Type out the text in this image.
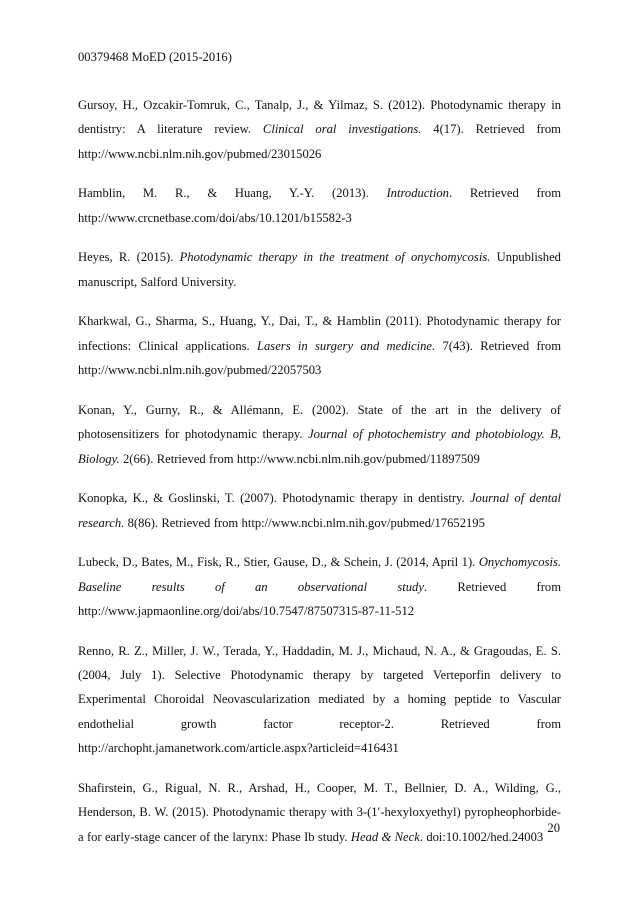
00379468 MoED (2015-2016)

Gursoy, H., Ozcakir-Tomruk, C., Tanalp, J., & Yilmaz, S. (2012). Photodynamic therapy in dentistry: A literature review. Clinical oral investigations. 4(17). Retrieved from http://www.ncbi.nlm.nih.gov/pubmed/23015026

Hamblin, M. R., & Huang, Y.-Y. (2013). Introduction. Retrieved from http://www.crcnetbase.com/doi/abs/10.1201/b15582-3

Heyes, R. (2015). Photodynamic therapy in the treatment of onychomycosis. Unpublished manuscript, Salford University.

Kharkwal, G., Sharma, S., Huang, Y., Dai, T., & Hamblin (2011). Photodynamic therapy for infections: Clinical applications. Lasers in surgery and medicine. 7(43). Retrieved from http://www.ncbi.nlm.nih.gov/pubmed/22057503

Konan, Y., Gurny, R., & Allémann, E. (2002). State of the art in the delivery of photosensitizers for photodynamic therapy. Journal of photochemistry and photobiology. B, Biology. 2(66). Retrieved from http://www.ncbi.nlm.nih.gov/pubmed/11897509

Konopka, K., & Goslinski, T. (2007). Photodynamic therapy in dentistry. Journal of dental research. 8(86). Retrieved from http://www.ncbi.nlm.nih.gov/pubmed/17652195

Lubeck, D., Bates, M., Fisk, R., Stier, Gause, D., & Schein, J. (2014, April 1). Onychomycosis. Baseline results of an observational study. Retrieved from http://www.japmaonline.org/doi/abs/10.7547/87507315-87-11-512

Renno, R. Z., Miller, J. W., Terada, Y., Haddadin, M. J., Michaud, N. A., & Gragoudas, E. S. (2004, July 1). Selective Photodynamic therapy by targeted Verteporfin delivery to Experimental Choroidal Neovascularization mediated by a homing peptide to Vascular endothelial growth factor receptor-2. Retrieved from http://archopht.jamanetwork.com/article.aspx?articleid=416431

Shafirstein, G., Rigual, N. R., Arshad, H., Cooper, M. T., Bellnier, D. A., Wilding, G., Henderson, B. W. (2015). Photodynamic therapy with 3-(1′-hexyloxyethyl) pyropheophorbide-a for early-stage cancer of the larynx: Phase Ib study. Head & Neck. doi:10.1002/hed.24003

20
